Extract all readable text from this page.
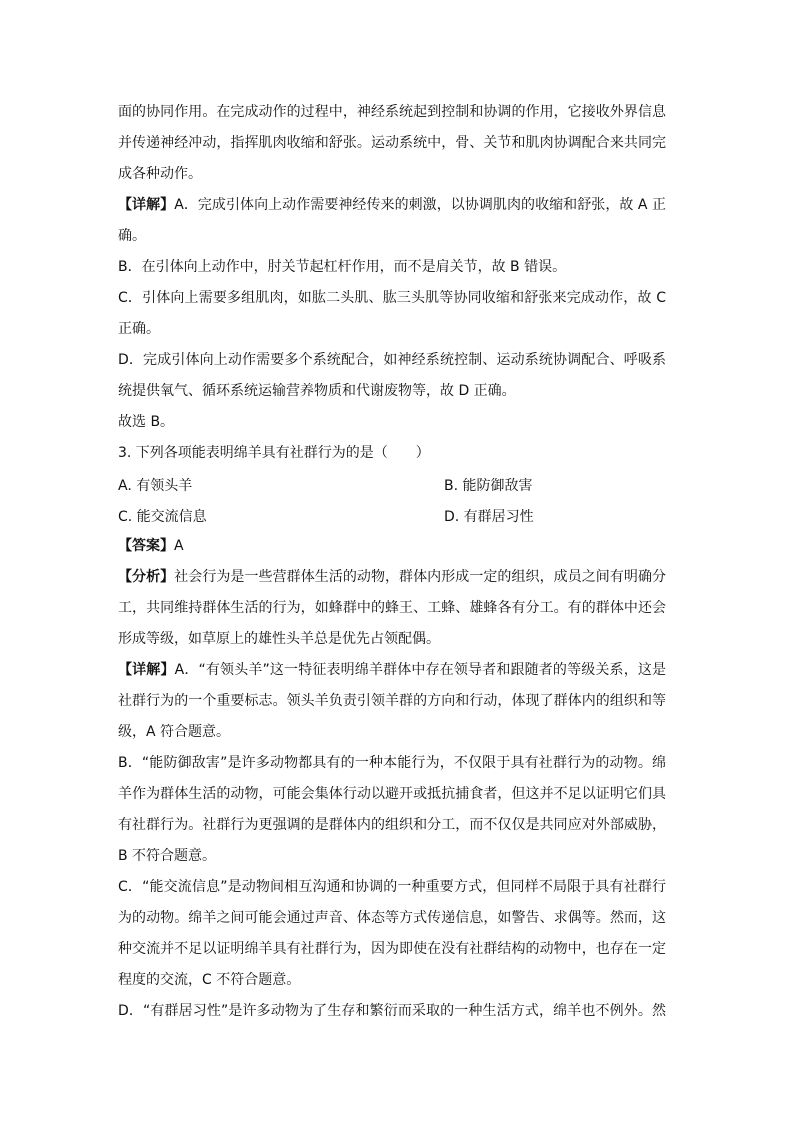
面的协同作用。在完成动作的过程中，神经系统起到控制和协调的作用，它接收外界信息
并传递神经冲动，指挥肌肉收缩和舒张。运动系统中，骨、关节和肌肉协调配合来共同完
成各种动作。
【详解】A．完成引体向上动作需要神经传来的刺激，以协调肌肉的收缩和舒张，故 A 正
确。
B．在引体向上动作中，肘关节起杠杆作用，而不是肩关节，故 B 错误。
C．引体向上需要多组肌肉，如肱二头肌、肱三头肌等协同收缩和舒张来完成动作，故 C
正确。
D．完成引体向上动作需要多个系统配合，如神经系统控制、运动系统协调配合、呼吸系
统提供氧气、循环系统运输营养物质和代谢废物等，故 D 正确。
故选 B。
3. 下列各项能表明绵羊具有社群行为的是（　　）
A. 有领头羊	B. 能防御敌害
C. 能交流信息	D. 有群居习性
【答案】A
【分析】社会行为是一些营群体生活的动物，群体内形成一定的组织，成员之间有明确分
工，共同维持群体生活的行为，如蜂群中的蜂王、工蜂、雄蜂各有分工。有的群体中还会
形成等级，如草原上的雄性头羊总是优先占领配偶。
【详解】A．“有领头羊”这一特征表明绵羊群体中存在领导者和跟随者的等级关系，这是
社群行为的一个重要标志。领头羊负责引领羊群的方向和行动，体现了群体内的组织和等
级，A 符合题意。
B．“能防御敌害”是许多动物都具有的一种本能行为，不仅限于具有社群行为的动物。绵
羊作为群体生活的动物，可能会集体行动以避开或抵抗捕食者，但这并不足以证明它们具
有社群行为。社群行为更强调的是群体内的组织和分工，而不仅仅是共同应对外部威胁，
B 不符合题意。
C．“能交流信息”是动物间相互沟通和协调的一种重要方式，但同样不局限于具有社群行
为的动物。绵羊之间可能会通过声音、体态等方式传递信息，如警告、求偶等。然而，这
种交流并不足以证明绵羊具有社群行为，因为即使在没有社群结构的动物中，也存在一定
程度的交流，C 不符合题意。
D．“有群居习性”是许多动物为了生存和繁衍而采取的一种生活方式，绵羊也不例外。然
